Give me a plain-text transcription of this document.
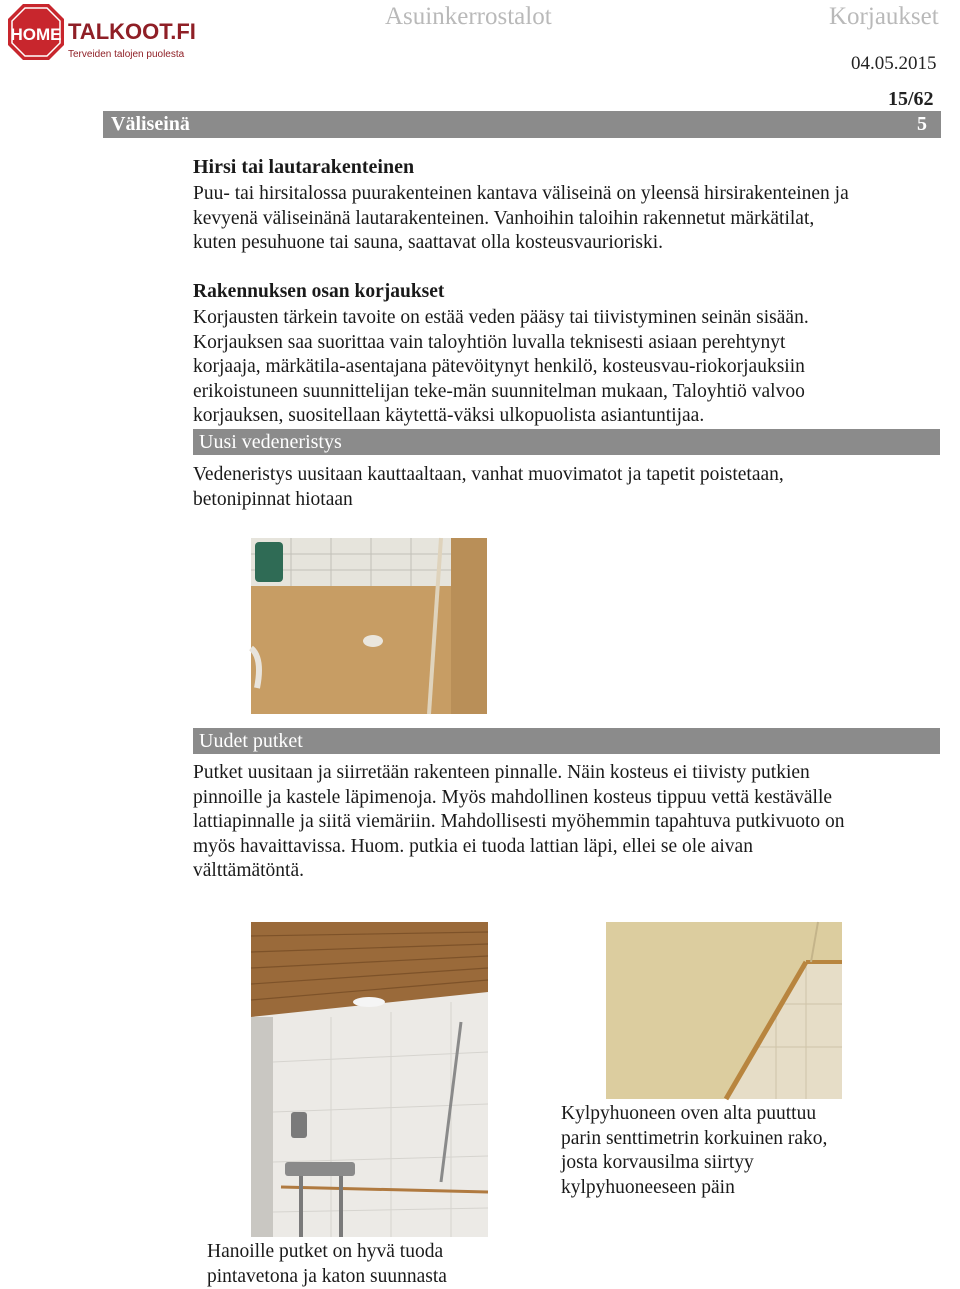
HOME TALKOOT.FI
Terveiden talojen puolesta
Asuinkerrostalot	Korjaukset
04.05.2015
15/62
Väliseinä	5
Hirsi tai lautarakenteinen
Puu- tai hirsitalossa puurakenteinen kantava väliseinä on yleensä hirsirakenteinen ja
kevyenä väliseinänä lautarakenteinen. Vanhoihin taloihin rakennetut märkätilat,
kuten pesuhuone tai sauna, saattavat olla kosteusvaurioriski.
Rakennuksen osan korjaukset
Korjausten tärkein tavoite on estää veden pääsy tai tiivistyminen seinän sisään.
Korjauksen saa suorittaa vain taloyhtiön luvalla teknisesti asiaan perehtynyt
korjaaja, märkätila-asentajana pätevöitynyt henkilö, kosteusvau-riokorjauksiin
erikoistuneen suunnittelijan teke-män suunnitelman mukaan, Taloyhtiö valvoo
korjauksen, suositellaan käytettä-väksi ulkopuolista asiantuntijaa.
Uusi vedeneristys
Vedeneristys uusitaan kauttaaltaan, vanhat muovimatot ja tapetit poistetaan,
betonipinnat hiotaan
Uudet putket
Putket uusitaan ja siirretään rakenteen pinnalle. Näin kosteus ei tiivisty putkien
pinnoille ja kastele läpimenoja. Myös mahdollinen kosteus tippuu vettä kestävälle
lattiapinnalle ja siitä viemäriin. Mahdollisesti myöhemmin tapahtuva putkivuoto on
myös havaittavissa. Huom. putkia ei tuoda lattian läpi, ellei se ole aivan
välttämätöntä.
Kylpyhuoneen oven alta puuttuu
parin senttimetrin korkuinen rako,
josta korvausilma siirtyy
kylpyhuoneeseen päin
Hanoille putket on hyvä tuoda
pintavetona ja katon suunnasta
